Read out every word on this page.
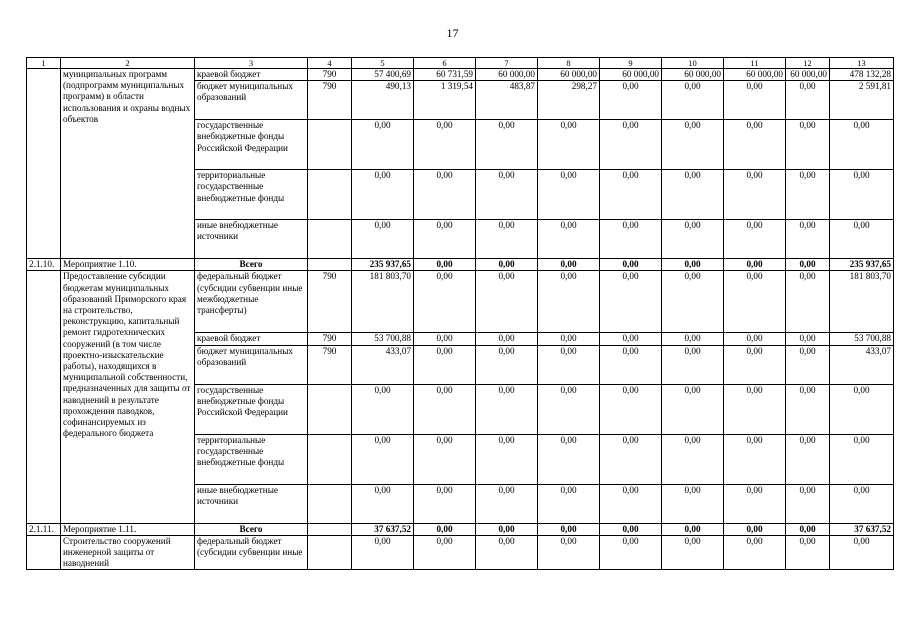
17
1	2	3	4	5	6	7	8	9	10	11	12	13
	муниципальных программ (подпрограмм муниципальных программ) в области использования и охраны водных объектов	краевой бюджет	790	57 400,69	60 731,59	60 000,00	60 000,00	60 000,00	60 000,00	60 000,00	60 000,00	478 132,28
		бюджет муниципальных образований	790	490,13	1 319,54	483,87	298,27	0,00	0,00	0,00	0,00	2 591,81
		государственные внебюджетные фонды Российской Федерации		0,00	0,00	0,00	0,00	0,00	0,00	0,00	0,00	0,00
		территориальные государственные внебюджетные фонды		0,00	0,00	0,00	0,00	0,00	0,00	0,00	0,00	0,00
		иные внебюджетные источники		0,00	0,00	0,00	0,00	0,00	0,00	0,00	0,00	0,00
2.1.10.	Мероприятие 1.10.	Всего		235 937,65	0,00	0,00	0,00	0,00	0,00	0,00	0,00	235 937,65
	Предоставление субсидии бюджетам муниципальных образований Приморского края на строительство, реконструкцию, капитальный ремонт гидротехнических сооружений (в том числе проектно-изыскательские работы), находящихся в муниципальной собственности, предназначенных для защиты от наводнений в результате прохождения паводков, софинансируемых из федерального бюджета	федеральный бюджет (субсидии субвенции иные межбюджетные трансферты)	790	181 803,70	0,00	0,00	0,00	0,00	0,00	0,00	0,00	181 803,70
		краевой бюджет	790	53 700,88	0,00	0,00	0,00	0,00	0,00	0,00	0,00	53 700,88
		бюджет муниципальных образований	790	433,07	0,00	0,00	0,00	0,00	0,00	0,00	0,00	433,07
		государственные внебюджетные фонды Российской Федерации		0,00	0,00	0,00	0,00	0,00	0,00	0,00	0,00	0,00
		территориальные государственные внебюджетные фонды		0,00	0,00	0,00	0,00	0,00	0,00	0,00	0,00	0,00
		иные внебюджетные источники		0,00	0,00	0,00	0,00	0,00	0,00	0,00	0,00	0,00
2.1.11.	Мероприятие 1.11.	Всего		37 637,52	0,00	0,00	0,00	0,00	0,00	0,00	0,00	37 637,52
	Строительство сооружений инженерной защиты от наводнений	федеральный бюджет (субсидии субвенции иные		0,00	0,00	0,00	0,00	0,00	0,00	0,00	0,00	0,00
